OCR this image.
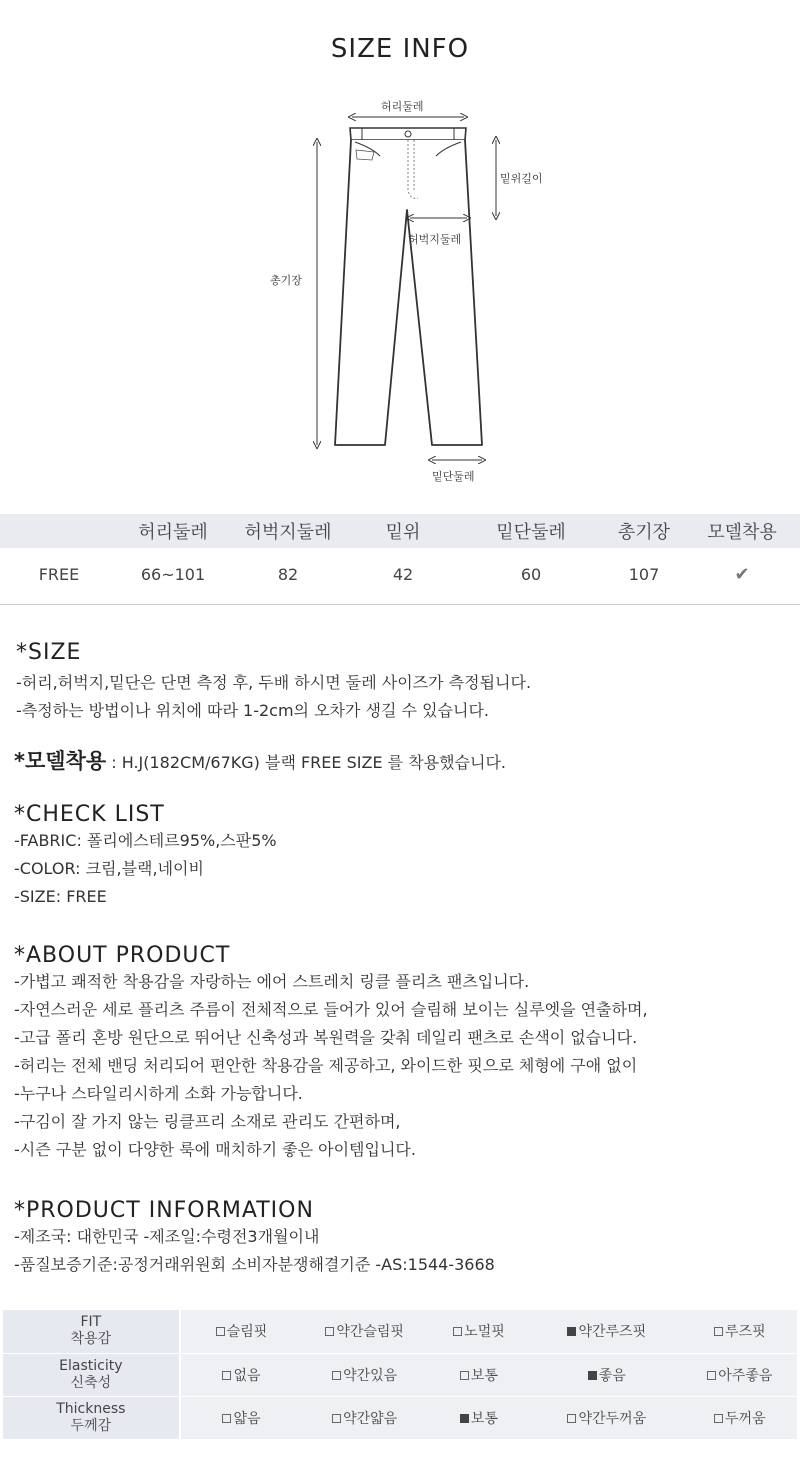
SIZE INFO
허리둘레
밑위길이
허벅지둘레
총기장
밑단둘레
	허리둘레	허벅지둘레	밑위	밑단둘레	총기장	모델착용
FREE	66~101	82	42	60	107	✔
*SIZE
-허리,허벅지,밑단은 단면 측정 후, 두배 하시면 둘레 사이즈가 측정됩니다.
-측정하는 방법이나 위치에 따라 1-2cm의 오차가 생길 수 있습니다.
*모델착용 : H.J(182CM/67KG) 블랙 FREE SIZE 를 착용했습니다.
*CHECK LIST
-FABRIC: 폴리에스테르95%,스판5%
-COLOR: 크림,블랙,네이비
-SIZE: FREE
*ABOUT PRODUCT
-가볍고 쾌적한 착용감을 자랑하는 에어 스트레치 링클 플리츠 팬츠입니다.
-자연스러운 세로 플리츠 주름이 전체적으로 들어가 있어 슬림해 보이는 실루엣을 연출하며,
-고급 폴리 혼방 원단으로 뛰어난 신축성과 복원력을 갖춰 데일리 팬츠로 손색이 없습니다.
-허리는 전체 밴딩 처리되어 편안한 착용감을 제공하고, 와이드한 핏으로 체형에 구애 없이
-누구나 스타일리시하게 소화 가능합니다.
-구김이 잘 가지 않는 링클프리 소재로 관리도 간편하며,
-시즌 구분 없이 다양한 룩에 매치하기 좋은 아이템입니다.
*PRODUCT INFORMATION
-제조국: 대한민국 -제조일:수령전3개월이내
-품질보증기준:공정거래위원회 소비자분쟁해결기준 -AS:1544-3668
FIT
착용감	슬림핏	약간슬림핏	노멀핏	약간루즈핏	루즈핏

Elasticity
신축성	없음	약간있음	보통	좋음	아주좋음

Thickness
두께감	얇음	약간얇음	보통	약간두꺼움	두꺼움
